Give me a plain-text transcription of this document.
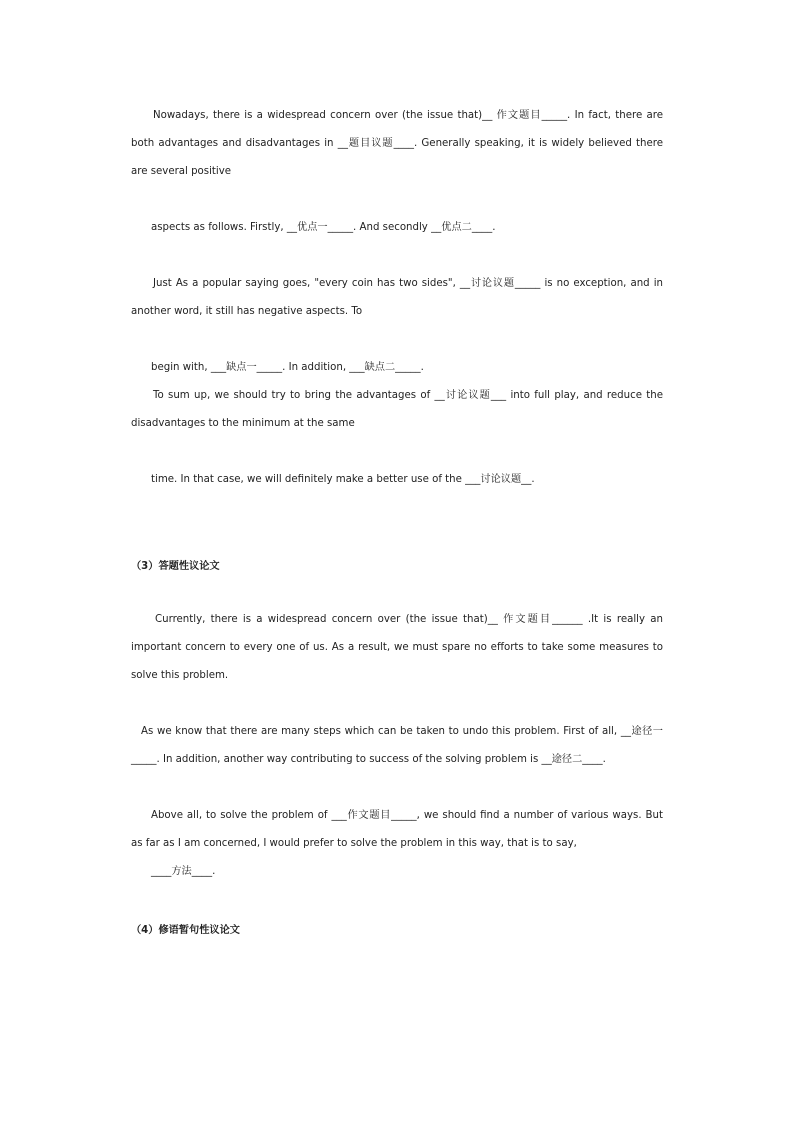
Nowadays, there is a widespread concern over (the issue that)__ 作文题目_____. In fact, there are
both advantages and disadvantages in __题目议题____. Generally speaking, it is widely believed there
are several positive
aspects as follows. Firstly, __优点一_____. And secondly __优点二____.
Just As a popular saying goes, "every coin has two sides", __讨论议题_____ is no exception, and in
another word, it still has negative aspects. To
begin with, ___缺点一_____. In addition, ___缺点二_____.
To sum up, we should try to bring the advantages of __讨论议题___ into full play, and reduce the
disadvantages to the minimum at the same
time. In that case, we will definitely make a better use of the ___讨论议题__.
（3）答题性议论文
Currently, there is a widespread concern over (the issue that)__ 作文题目______ .It is really an
important concern to every one of us. As a result, we must spare no efforts to take some measures to
solve this problem.
As we know that there are many steps which can be taken to undo this problem. First of all, __途径一
_____. In addition, another way contributing to success of the solving problem is __途径二____.
Above all, to solve the problem of ___作文题目_____, we should find a number of various ways. But
as far as I am concerned, I would prefer to solve the problem in this way, that is to say,
____方法____.
（4）修语暂句性议论文
